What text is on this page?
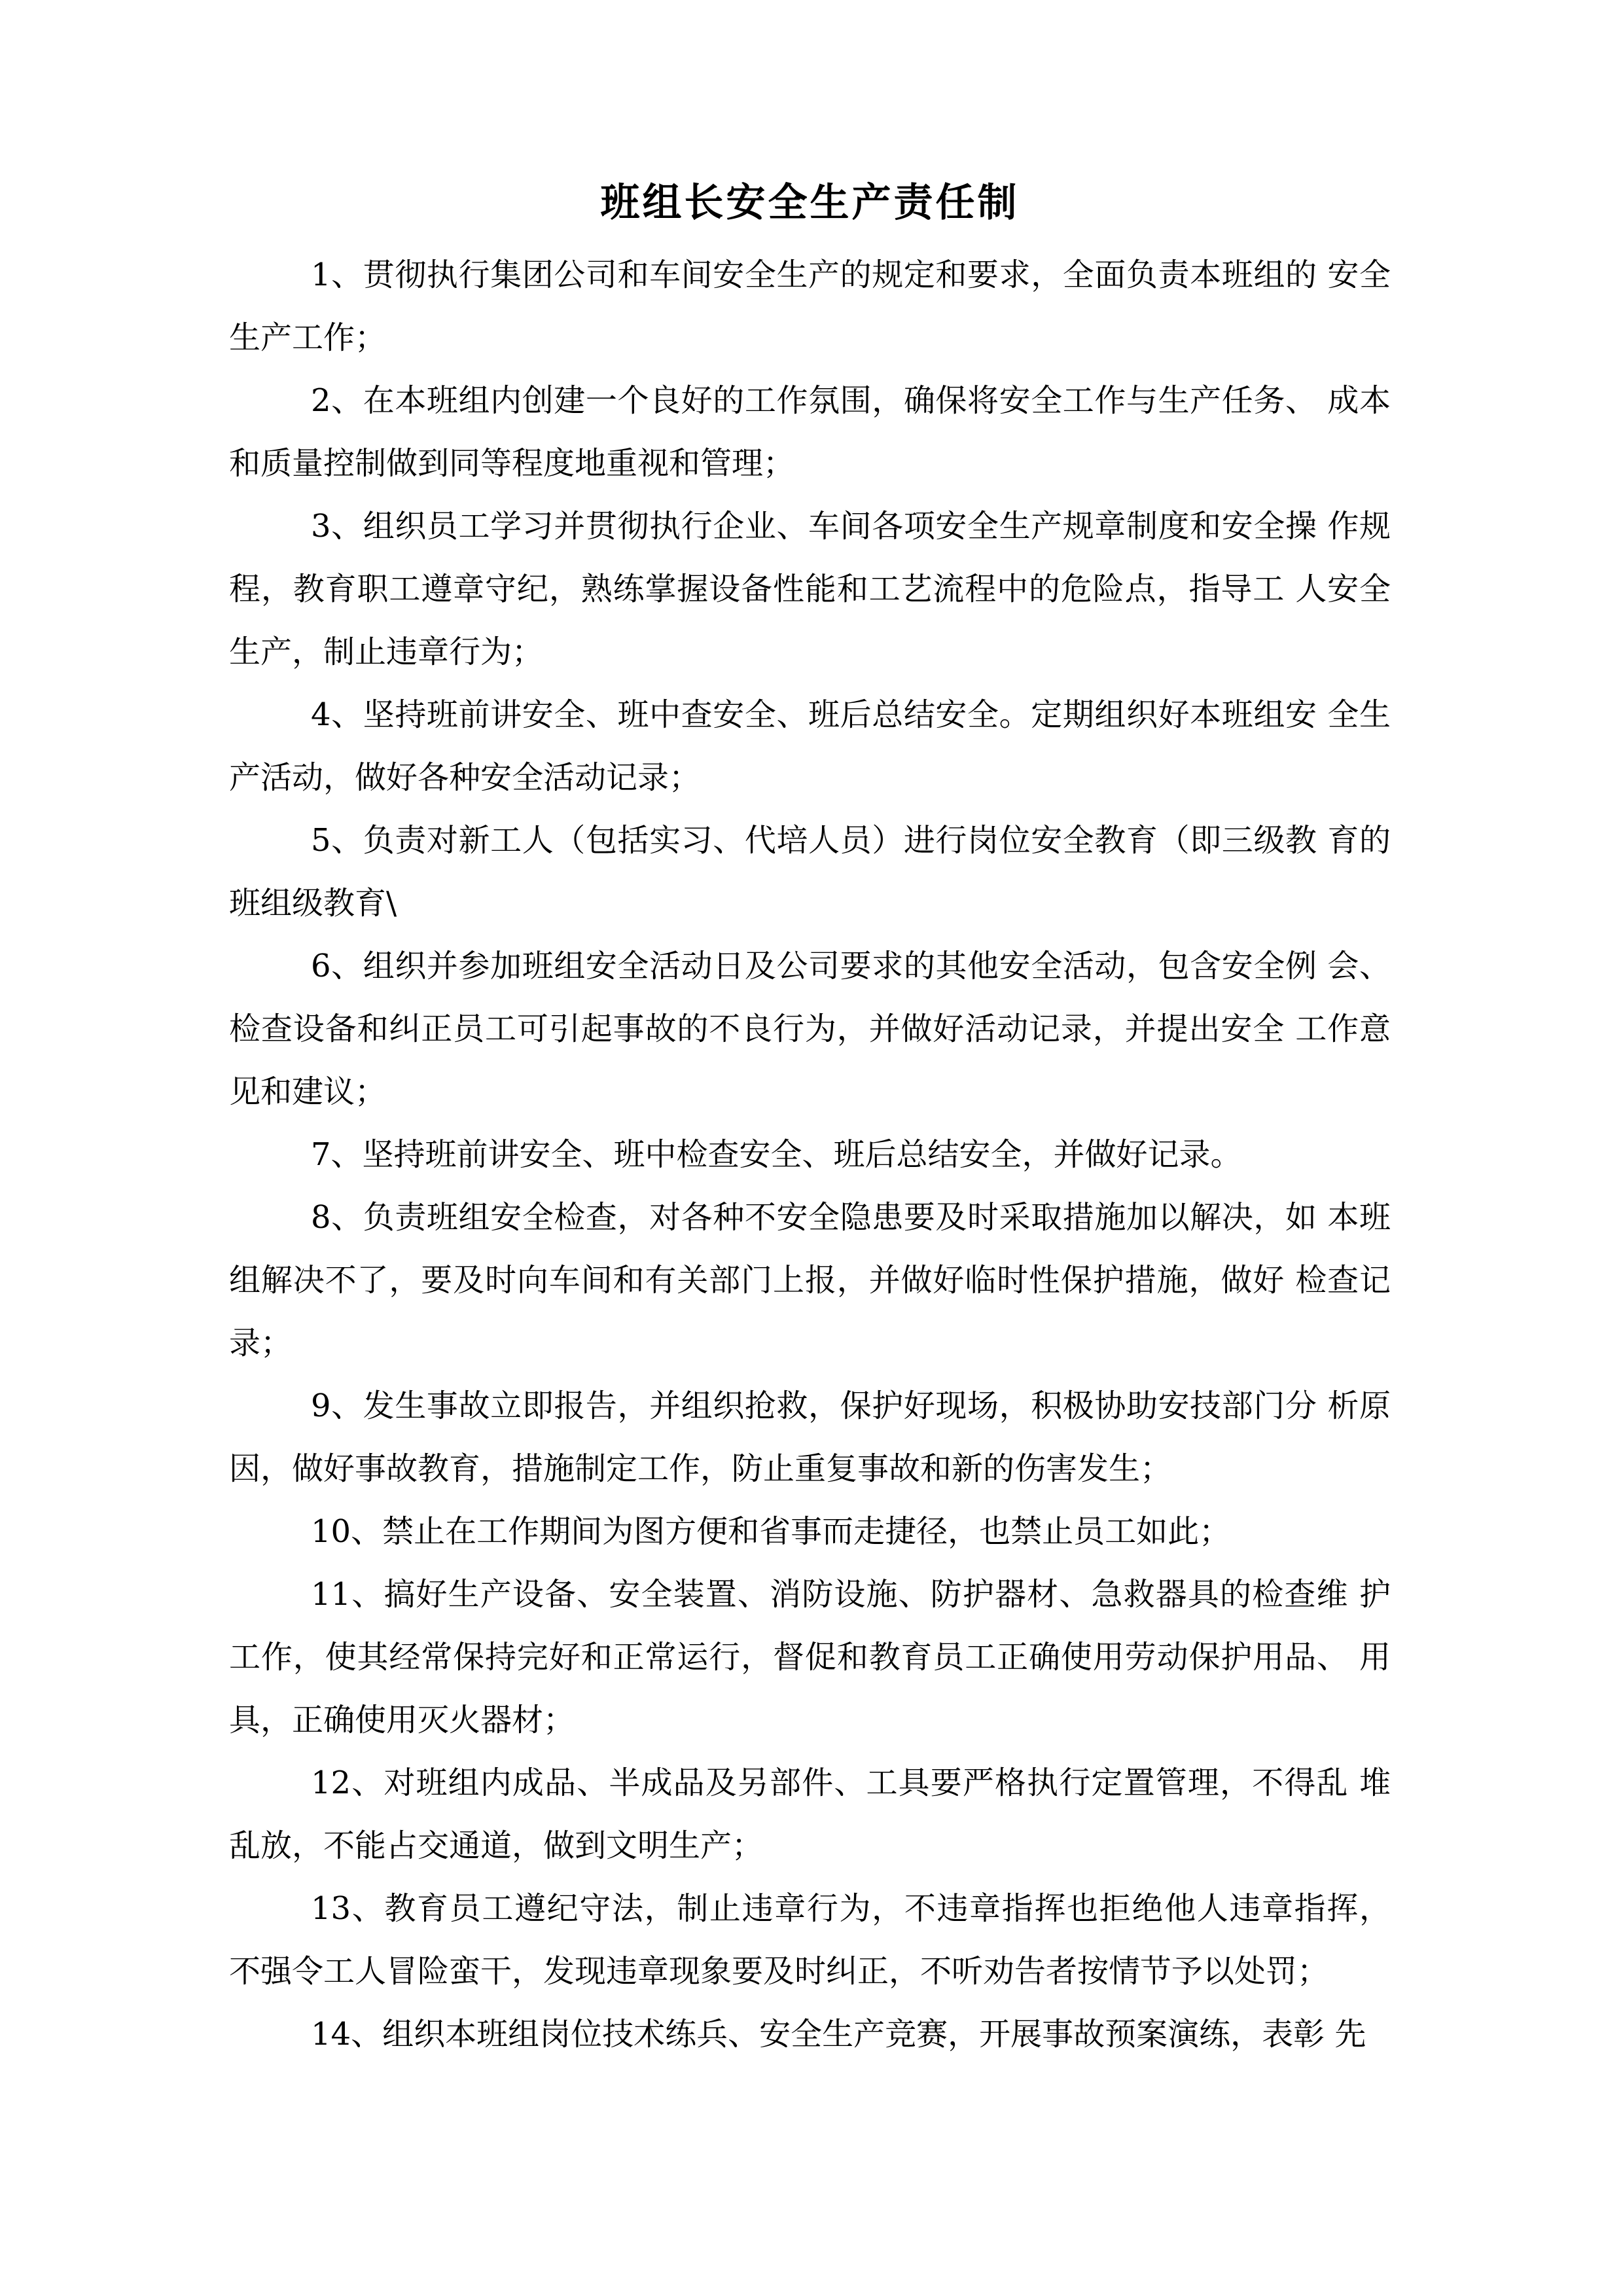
班组长安全生产责任制

1、贯彻执行集团公司和车间安全生产的规定和要求，全面负责本班组的 安全生产工作；

2、在本班组内创建一个良好的工作氛围，确保将安全工作与生产任务、 成本和质量控制做到同等程度地重视和管理；

3、组织员工学习并贯彻执行企业、车间各项安全生产规章制度和安全操 作规程，教育职工遵章守纪，熟练掌握设备性能和工艺流程中的危险点，指导工 人安全生产，制止违章行为；

4、坚持班前讲安全、班中查安全、班后总结安全。定期组织好本班组安 全生产活动，做好各种安全活动记录；

5、负责对新工人（包括实习、代培人员）进行岗位安全教育（即三级教 育的班组级教育\

6、组织并参加班组安全活动日及公司要求的其他安全活动，包含安全例 会、检查设备和纠正员工可引起事故的不良行为，并做好活动记录，并提出安全 工作意见和建议；

7、坚持班前讲安全、班中检查安全、班后总结安全，并做好记录。

8、负责班组安全检查，对各种不安全隐患要及时采取措施加以解决，如 本班组解决不了，要及时向车间和有关部门上报，并做好临时性保护措施，做好 检查记录；

9、发生事故立即报告，并组织抢救，保护好现场，积极协助安技部门分 析原因，做好事故教育，措施制定工作，防止重复事故和新的伤害发生；

10、禁止在工作期间为图方便和省事而走捷径，也禁止员工如此；

11、搞好生产设备、安全装置、消防设施、防护器材、急救器具的检查维 护工作，使其经常保持完好和正常运行，督促和教育员工正确使用劳动保护用品、 用具，正确使用灭火器材；

12、对班组内成品、半成品及另部件、工具要严格执行定置管理，不得乱 堆乱放，不能占交通道，做到文明生产；

13、教育员工遵纪守法，制止违章行为，不违章指挥也拒绝他人违章指挥， 不强令工人冒险蛮干，发现违章现象要及时纠正，不听劝告者按情节予以处罚；

14、组织本班组岗位技术练兵、安全生产竞赛，开展事故预案演练，表彰 先
